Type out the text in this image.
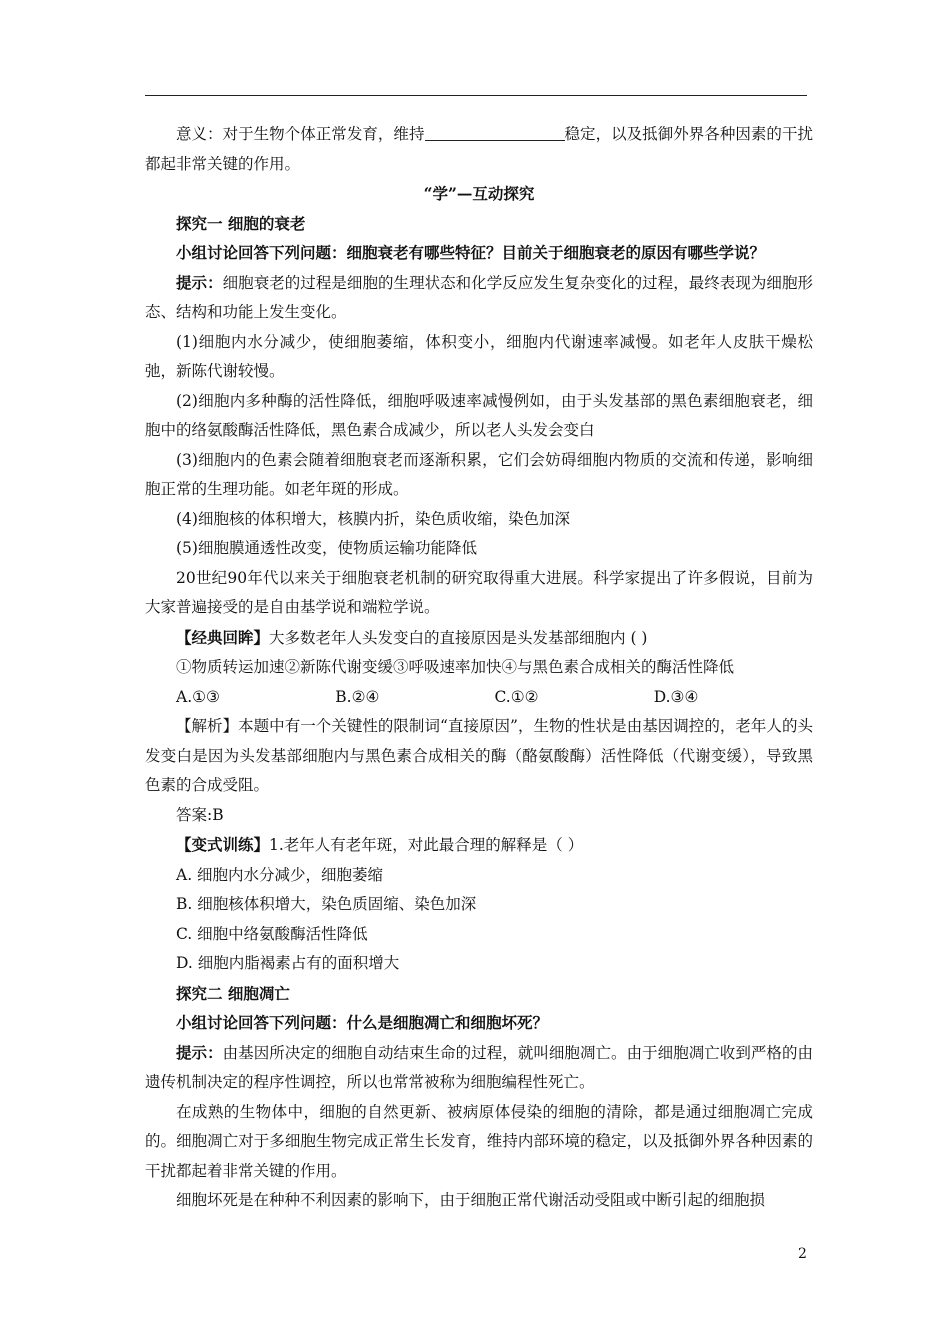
意义：对于生物个体正常发育，维持	稳定，以及抵御外界各种因素的干扰都起非常关键的作用。

“学”—互动探究

探究一 细胞的衰老

小组讨论回答下列问题：细胞衰老有哪些特征？目前关于细胞衰老的原因有哪些学说？

提示：细胞衰老的过程是细胞的生理状态和化学反应发生复杂变化的过程，最终表现为细胞形态、结构和功能上发生变化。

(1)细胞内水分减少，使细胞萎缩，体积变小，细胞内代谢速率减慢。如老年人皮肤干燥松弛，新陈代谢较慢。

(2)细胞内多种酶的活性降低，细胞呼吸速率减慢例如，由于头发基部的黑色素细胞衰老，细胞中的络氨酸酶活性降低，黑色素合成减少，所以老人头发会变白

(3)细胞内的色素会随着细胞衰老而逐渐积累，它们会妨碍细胞内物质的交流和传递，影响细胞正常的生理功能。如老年斑的形成。

(4)细胞核的体积增大，核膜内折，染色质收缩，染色加深

(5)细胞膜通透性改变，使物质运输功能降低

20世纪90年代以来关于细胞衰老机制的研究取得重大进展。科学家提出了许多假说，目前为大家普遍接受的是自由基学说和端粒学说。

【经典回眸】大多数老年人头发变白的直接原因是头发基部细胞内 ( )

①物质转运加速②新陈代谢变缓③呼吸速率加快④与黑色素合成相关的酶活性降低

A.①③	B.②④	C.①②	D.③④

【解析】本题中有一个关键性的限制词“直接原因”，生物的性状是由基因调控的，老年人的头发变白是因为头发基部细胞内与黑色素合成相关的酶（酪氨酸酶）活性降低（代谢变缓），导致黑色素的合成受阻。

答案:B

【变式训练】1.老年人有老年斑，对此最合理的解释是（ ）

A. 细胞内水分减少，细胞萎缩

B. 细胞核体积增大，染色质固缩、染色加深

C. 细胞中络氨酸酶活性降低

D. 细胞内脂褐素占有的面积增大

探究二 细胞凋亡

小组讨论回答下列问题：什么是细胞凋亡和细胞坏死？

提示：由基因所决定的细胞自动结束生命的过程，就叫细胞凋亡。由于细胞凋亡收到严格的由遗传机制决定的程序性调控，所以也常常被称为细胞编程性死亡。

在成熟的生物体中，细胞的自然更新、被病原体侵染的细胞的清除，都是通过细胞凋亡完成的。细胞凋亡对于多细胞生物完成正常生长发育，维持内部环境的稳定，以及抵御外界各种因素的干扰都起着非常关键的作用。

细胞坏死是在种种不利因素的影响下，由于细胞正常代谢活动受阻或中断引起的细胞损

2
